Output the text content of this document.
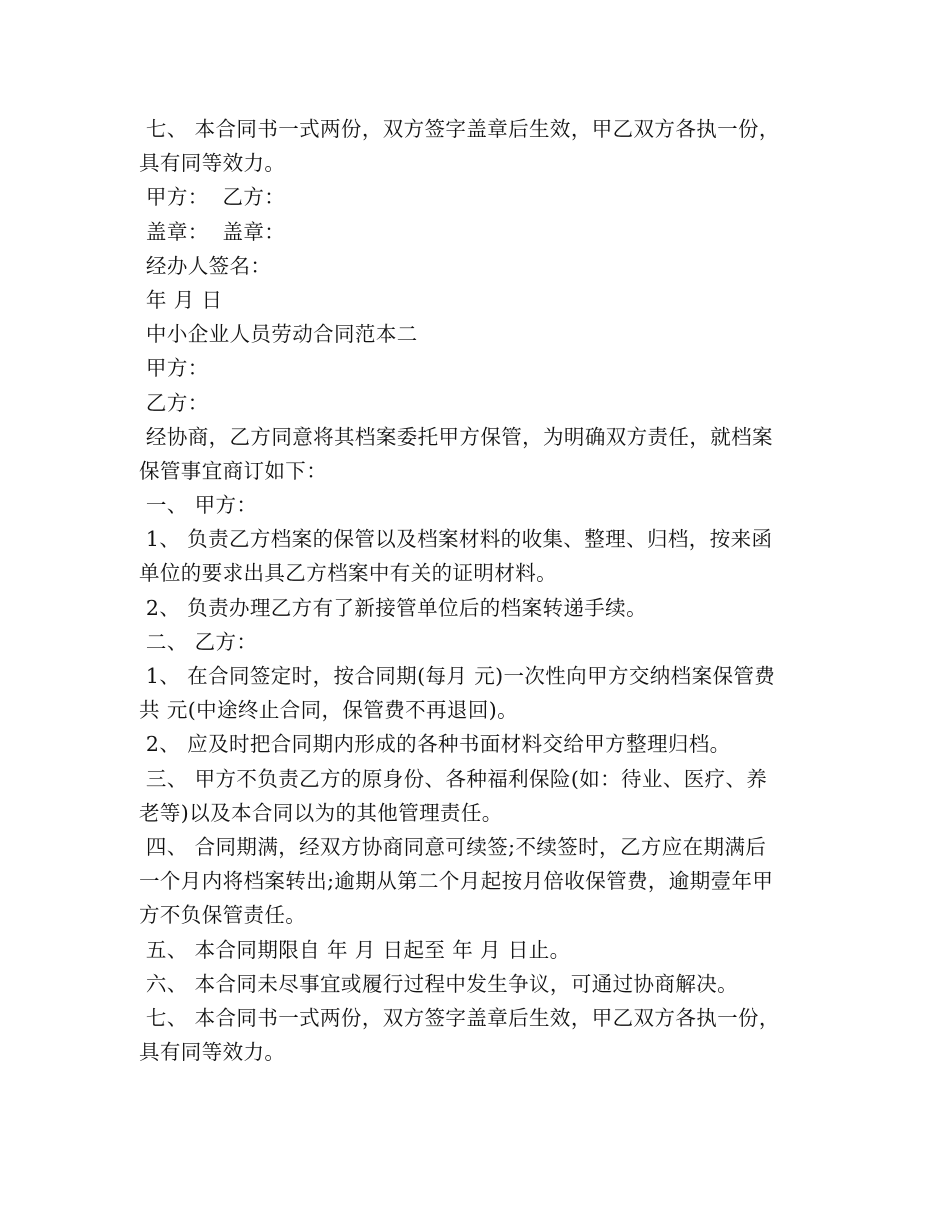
七、 本合同书一式两份，双方签字盖章后生效，甲乙双方各执一份，
具有同等效力。
甲方：  乙方：
盖章：  盖章：
经办人签名：
年 月 日
中小企业人员劳动合同范本二
甲方：
乙方：
经协商，乙方同意将其档案委托甲方保管，为明确双方责任，就档案
保管事宜商订如下：
一、 甲方：
1、 负责乙方档案的保管以及档案材料的收集、整理、归档，按来函
单位的要求出具乙方档案中有关的证明材料。
2、 负责办理乙方有了新接管单位后的档案转递手续。
二、 乙方：
1、 在合同签定时，按合同期(每月 元)一次性向甲方交纳档案保管费
共 元(中途终止合同，保管费不再退回)。
2、 应及时把合同期内形成的各种书面材料交给甲方整理归档。
三、 甲方不负责乙方的原身份、各种福利保险(如：待业、医疗、养
老等)以及本合同以为的其他管理责任。
四、 合同期满，经双方协商同意可续签;不续签时，乙方应在期满后
一个月内将档案转出;逾期从第二个月起按月倍收保管费，逾期壹年甲
方不负保管责任。
五、 本合同期限自 年 月 日起至 年 月 日止。
六、 本合同未尽事宜或履行过程中发生争议，可通过协商解决。
七、 本合同书一式两份，双方签字盖章后生效，甲乙双方各执一份，
具有同等效力。
